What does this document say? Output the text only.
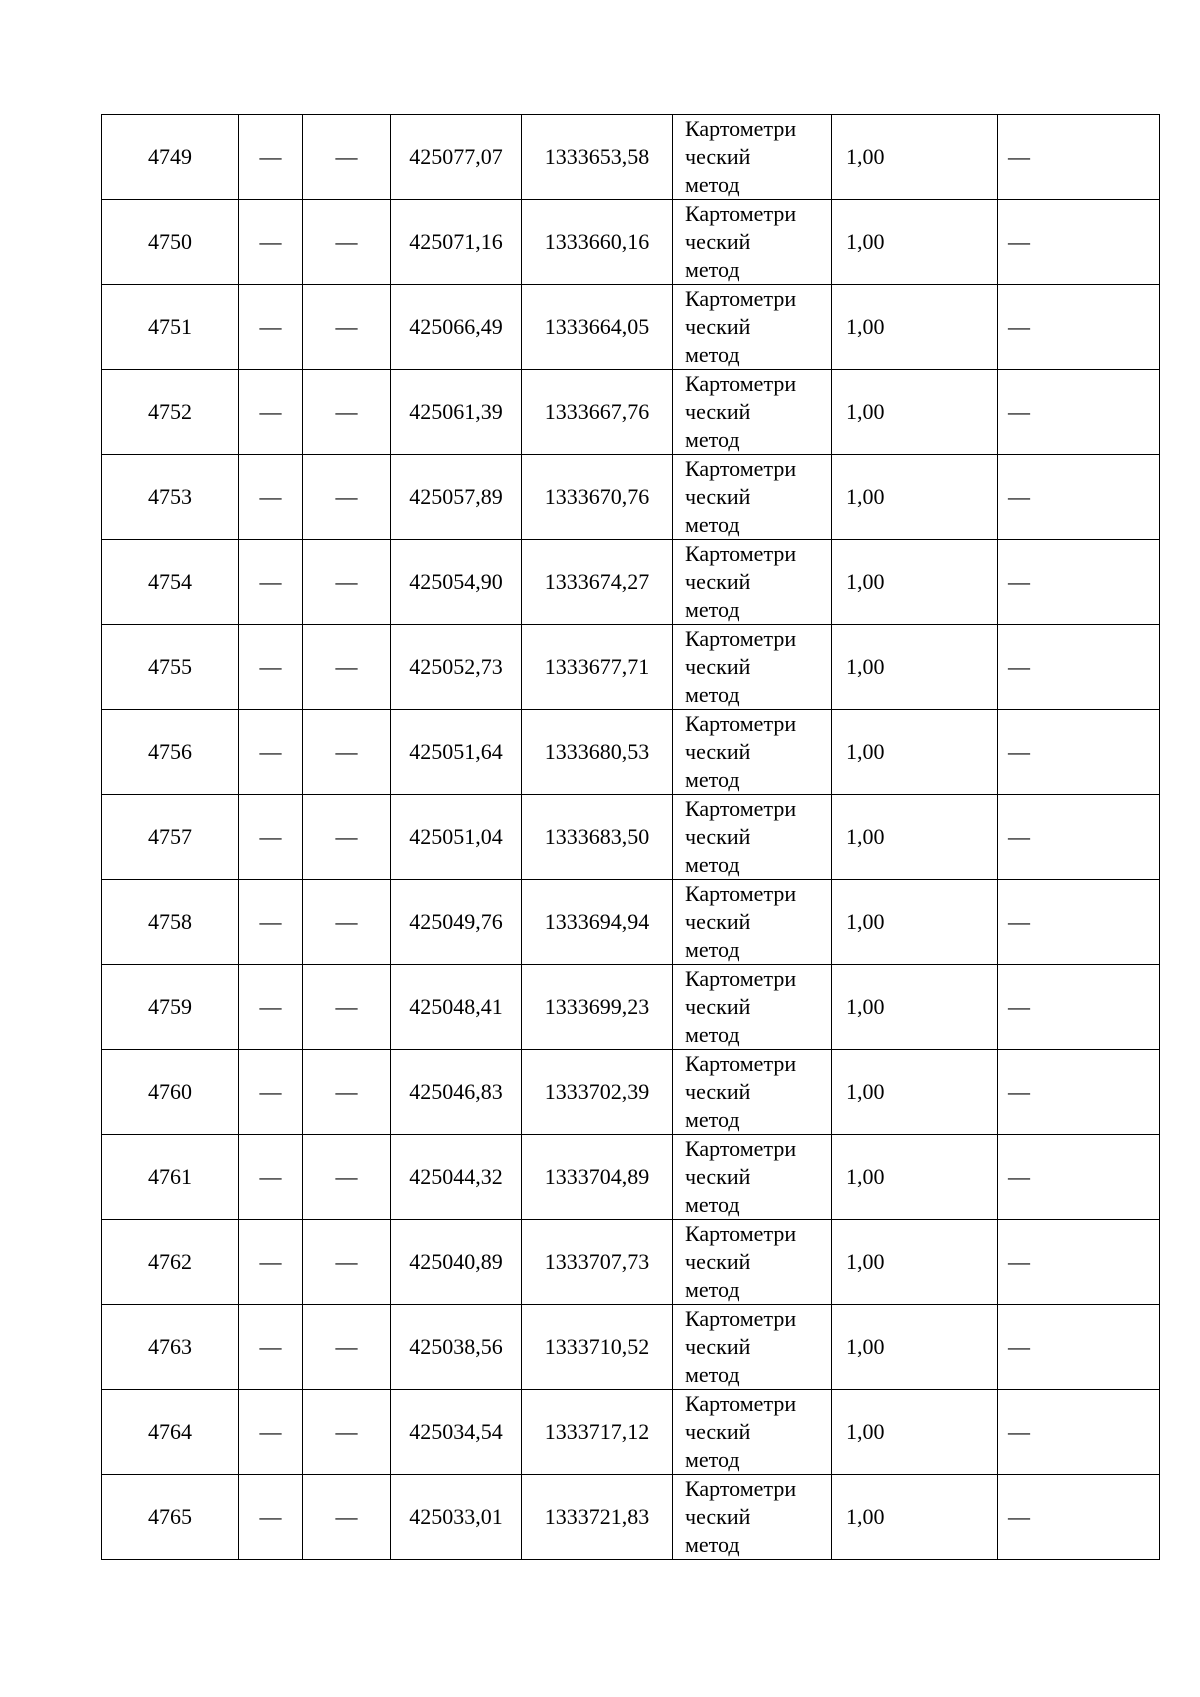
4749	—	—	425077,07	1333653,58	Картометри
ческий
метод	1,00	—
4750	—	—	425071,16	1333660,16	Картометри
ческий
метод	1,00	—
4751	—	—	425066,49	1333664,05	Картометри
ческий
метод	1,00	—
4752	—	—	425061,39	1333667,76	Картометри
ческий
метод	1,00	—
4753	—	—	425057,89	1333670,76	Картометри
ческий
метод	1,00	—
4754	—	—	425054,90	1333674,27	Картометри
ческий
метод	1,00	—
4755	—	—	425052,73	1333677,71	Картометри
ческий
метод	1,00	—
4756	—	—	425051,64	1333680,53	Картометри
ческий
метод	1,00	—
4757	—	—	425051,04	1333683,50	Картометри
ческий
метод	1,00	—
4758	—	—	425049,76	1333694,94	Картометри
ческий
метод	1,00	—
4759	—	—	425048,41	1333699,23	Картометри
ческий
метод	1,00	—
4760	—	—	425046,83	1333702,39	Картометри
ческий
метод	1,00	—
4761	—	—	425044,32	1333704,89	Картометри
ческий
метод	1,00	—
4762	—	—	425040,89	1333707,73	Картометри
ческий
метод	1,00	—
4763	—	—	425038,56	1333710,52	Картометри
ческий
метод	1,00	—
4764	—	—	425034,54	1333717,12	Картометри
ческий
метод	1,00	—
4765	—	—	425033,01	1333721,83	Картометри
ческий
метод	1,00	—
